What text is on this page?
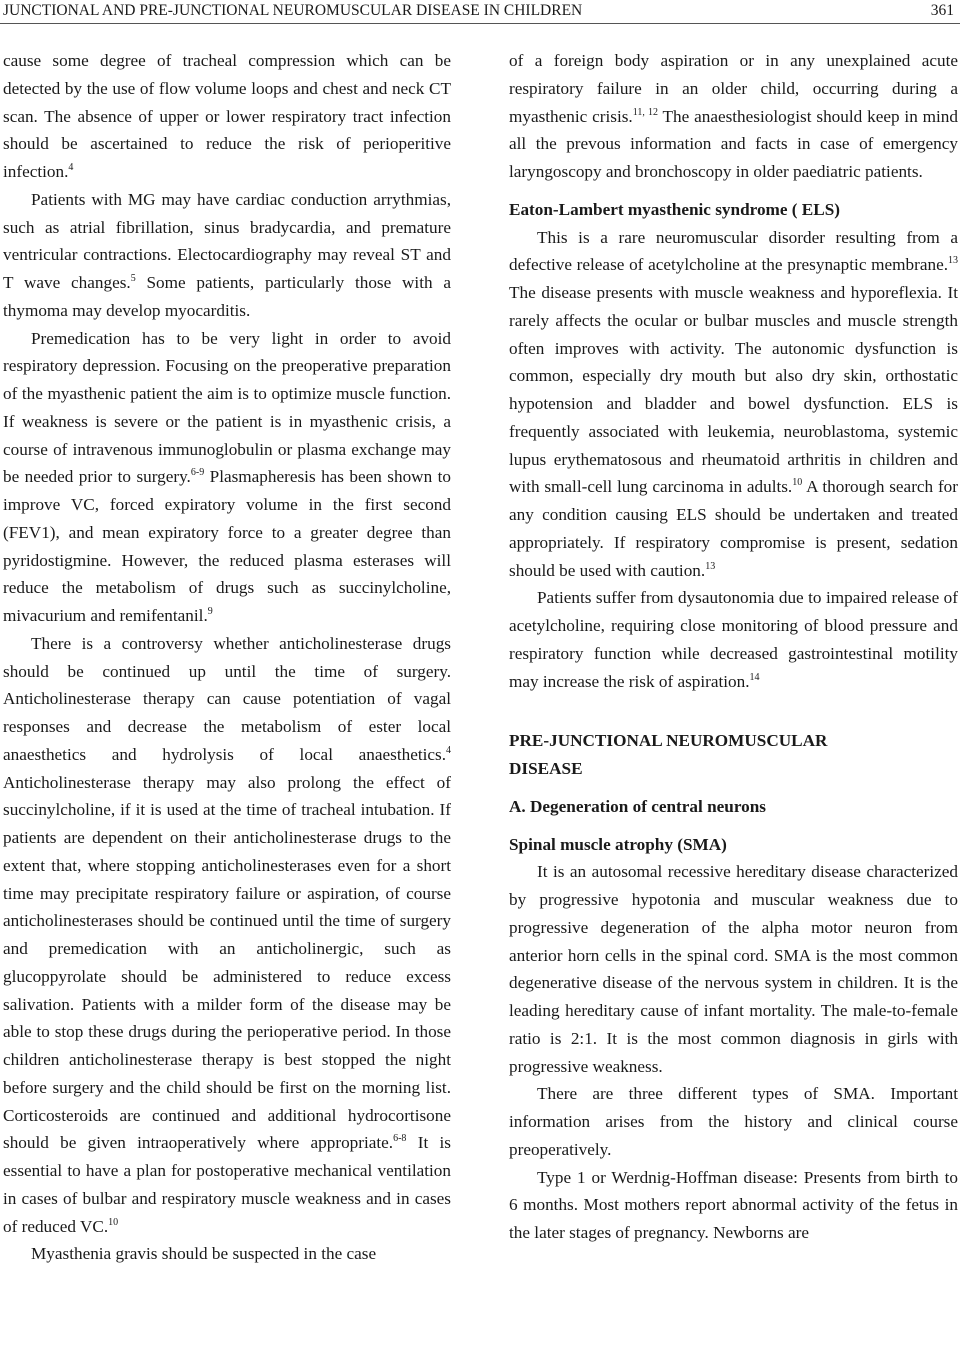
JUNCTIONAL AND PRE-JUNCTIONAL NEUROMUSCULAR DISEASE IN CHILDREN	361

cause some degree of tracheal compression which can be detected by the use of flow volume loops and chest and neck CT scan. The absence of upper or lower respiratory tract infection should be ascertained to reduce the risk of perioperitive infection.$^4$

Patients with MG may have cardiac conduction arrythmias, such as atrial fibrillation, sinus bradycardia, and premature ventricular contractions. Electocardiography may reveal ST and T wave changes.$^5$ Some patients, particularly those with a thymoma may develop myocarditis.

Premedication has to be very light in order to avoid respiratory depression. Focusing on the preoperative preparation of the myasthenic patient the aim is to optimize muscle function. If weakness is severe or the patient is in myasthenic crisis, a course of intravenous immunoglobulin or plasma exchange may be needed prior to surgery.$^{6-9}$ Plasmapheresis has been shown to improve VC, forced expiratory volume in the first second (FEV1), and mean expiratory force to a greater degree than pyridostigmine. However, the reduced plasma esterases will reduce the metabolism of drugs such as succinylcholine, mivacurium and remifentanil.$^9$

There is a controversy whether anticholinesterase drugs should be continued up until the time of surgery. Anticholinesterase therapy can cause potentiation of vagal responses and decrease the metabolism of ester local anaesthetics and hydrolysis of local anaesthetics.$^4$ Anticholinesterase therapy may also prolong the effect of succinylcholine, if it is used at the time of tracheal intubation. If patients are dependent on their anticholinesterase drugs to the extent that, where stopping anticholinesterases even for a short time may precipitate respiratory failure or aspiration, of course anticholinesterases should be continued until the time of surgery and premedication with an anticholinergic, such as glucoppyrolate should be administered to reduce excess salivation. Patients with a milder form of the disease may be able to stop these drugs during the perioperative period. In those children anticholinesterase therapy is best stopped the night before surgery and the child should be first on the morning list. Corticosteroids are continued and additional hydrocortisone should be given intraoperatively where appropriate.$^{6-8}$ It is essential to have a plan for postoperative mechanical ventilation in cases of bulbar and respiratory muscle weakness and in cases of reduced VC.$^{10}$

Myasthenia gravis should be suspected in the case

of a foreign body aspiration or in any unexplained acute respiratory failure in an older child, occurring during a myasthenic crisis.$^{11, 12}$ The anaesthesiologist should keep in mind all the prevous information and facts in case of emergency laryngoscopy and bronchoscopy in older paediatric patients.

Eaton-Lambert myasthenic syndrome ( ELS)

This is a rare neuromuscular disorder resulting from a defective release of acetylcholine at the presynaptic membrane.$^{13}$ The disease presents with muscle weakness and hyporeflexia. It rarely affects the ocular or bulbar muscles and muscle strength often improves with activity. The autonomic dysfunction is common, especially dry mouth but also dry skin, orthostatic hypotension and bladder and bowel dysfunction. ELS is frequently associated with leukemia, neuroblastoma, systemic lupus erythematosous and rheumatoid arthritis in children and with small-cell lung carcinoma in adults.$^{10}$ A thorough search for any condition causing ELS should be undertaken and treated appropriately. If respiratory compromise is present, sedation should be used with caution.$^{13}$

Patients suffer from dysautonomia due to impaired release of acetylcholine, requiring close monitoring of blood pressure and respiratory function while decreased gastrointestinal motility may increase the risk of aspiration.$^{14}$

PRE-JUNCTIONAL NEUROMUSCULAR
DISEASE
A. Degeneration of central neurons
Spinal muscle atrophy (SMA)

It is an autosomal recessive hereditary disease characterized by progressive hypotonia and muscular weakness due to progressive degeneration of the alpha motor neuron from anterior horn cells in the spinal cord. SMA is the most common degenerative disease of the nervous system in children. It is the leading hereditary cause of infant mortality. The male-to-female ratio is 2:1. It is the most common diagnosis in girls with progressive weakness.

There are three different types of SMA. Important information arises from the history and clinical course preoperatively.

Type 1 or Werdnig-Hoffman disease: Presents from birth to 6 months. Most mothers report abnormal activity of the fetus in the later stages of pregnancy. Newborns are
